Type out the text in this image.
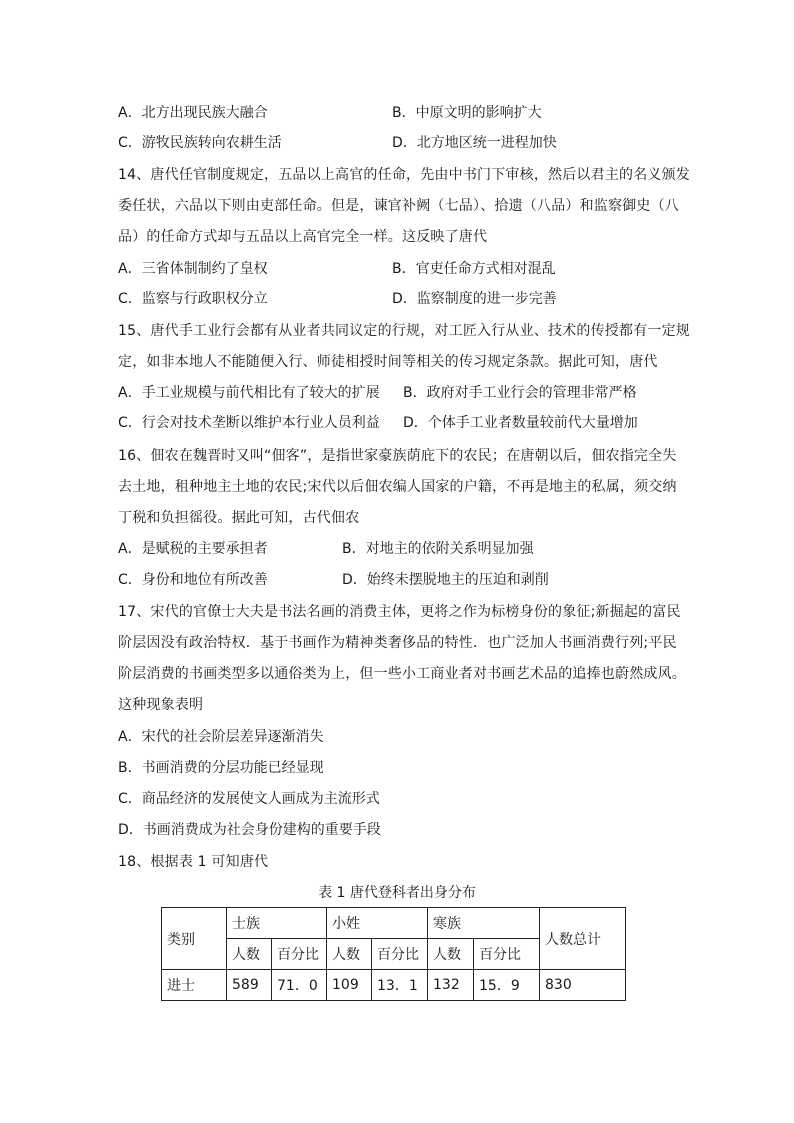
A．北方出现民族大融合	B．中原文明的影响扩大
C．游牧民族转向农耕生活	D．北方地区统一进程加快
14、唐代任官制度规定，五品以上高官的任命，先由中书门下审核，然后以君主的名义颁发
委任状，六品以下则由吏部任命。但是，谏官补阙（七品）、拾遗（八品）和监察御史（八
品）的任命方式却与五品以上高官完全一样。这反映了唐代
A．三省体制制约了皇权	B．官吏任命方式相对混乱
C．监察与行政职权分立	D．监察制度的进一步完善
15、唐代手工业行会都有从业者共同议定的行规，对工匠入行从业、技术的传授都有一定规
定，如非本地人不能随便入行、师徒相授时间等相关的传习规定条款。据此可知，唐代
A．手工业规模与前代相比有了较大的扩展 B．政府对手工业行会的管理非常严格
C．行会对技术垄断以维护本行业人员利益 D．个体手工业者数量较前代大量增加
16、佃农在魏晋时又叫“佃客”，是指世家豪族荫庇下的农民；在唐朝以后，佃农指完全失
去土地，租种地主土地的农民;宋代以后佃农编人国家的户籍，不再是地主的私属，须交纳
丁税和负担徭役。据此可知，古代佃农
A．是赋税的主要承担者	B．对地主的依附关系明显加强
C．身份和地位有所改善	D．始终未摆脱地主的压迫和剥削
17、宋代的官僚士大夫是书法名画的消费主体，更将之作为标榜身份的象征;新掘起的富民
阶层因没有政治特权．基于书画作为精神类奢侈品的特性．也广泛加人书画消费行列;平民
阶层消费的书画类型多以通俗类为上，但一些小工商业者对书画艺术品的追捧也蔚然成风。
这种现象表明
A．宋代的社会阶层差异逐渐消失
B．书画消费的分层功能已经显现
C．商品经济的发展使文人画成为主流形式
D．书画消费成为社会身份建构的重要手段
18、根据表 1 可知唐代
表 1 唐代登科者出身分布
类别	士族		小姓		寒族		人数总计
	人数	百分比	人数	百分比	人数	百分比	
进士	589	71．0	109	13．1	132	15．9	830
